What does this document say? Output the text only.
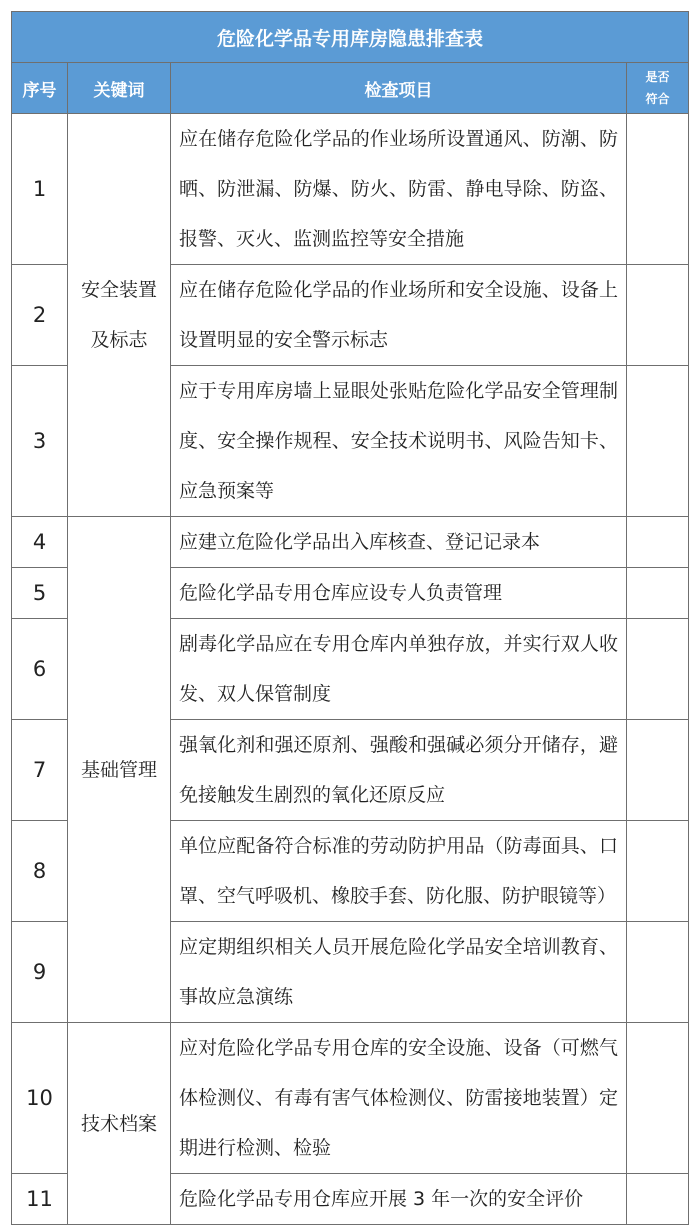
危险化学品专用库房隐患排查表			
序号	关键词	检查项目	是否
符合
1	安全装置及标志	应在储存危险化学品的作业场所设置通风、防潮、防晒、防泄漏、防爆、防火、防雷、静电导除、防盗、报警、灭火、监测监控等安全措施	
2		应在储存危险化学品的作业场所和安全设施、设备上设置明显的安全警示标志	
3		应于专用库房墙上显眼处张贴危险化学品安全管理制度、安全操作规程、安全技术说明书、风险告知卡、应急预案等	
4	基础管理	应建立危险化学品出入库核查、登记记录本	
5		危险化学品专用仓库应设专人负责管理	
6		剧毒化学品应在专用仓库内单独存放，并实行双人收发、双人保管制度	
7		强氧化剂和强还原剂、强酸和强碱必须分开储存，避免接触发生剧烈的氧化还原反应	
8		单位应配备符合标准的劳动防护用品（防毒面具、口罩、空气呼吸机、橡胶手套、防化服、防护眼镜等）	
9		应定期组织相关人员开展危险化学品安全培训教育、事故应急演练	
10	技术档案	应对危险化学品专用仓库的安全设施、设备（可燃气体检测仪、有毒有害气体检测仪、防雷接地装置）定期进行检测、检验	
11		危险化学品专用仓库应开展 3 年一次的安全评价	
